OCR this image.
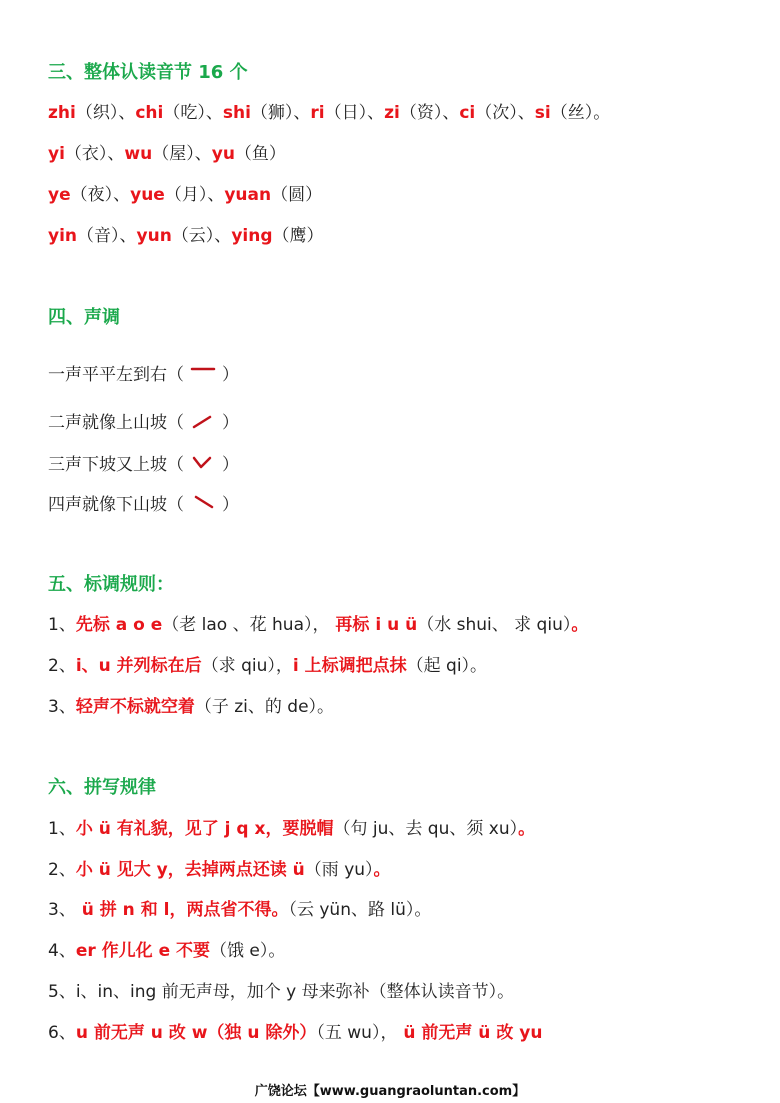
三、整体认读音节 16 个
zhi（织）、chi（吃）、shi（狮）、ri（日）、zi（资）、ci（次）、si（丝）。
yi（衣）、wu（屋）、yu（鱼）
ye（夜）、yue（月）、yuan（圆）
yin（音）、yun（云）、ying（鹰）
四、声调
一声平平左到右（ ）
二声就像上山坡（ ）
三声下坡又上坡（ ）
四声就像下山坡（ ）
五、标调规则：
1、先标 a o e（老 lao 、花 hua）， 再标 i u ü（水 shui、 求 qiu）。
2、i、u 并列标在后（求 qiu），i 上标调把点抹（起 qi）。
3、轻声不标就空着（子 zi、的 de）。
六、拼写规律
1、小 ü 有礼貌，见了 j q x，要脱帽（句 ju、去 qu、须 xu）。
2、小 ü 见大 y，去掉两点还读 ü（雨 yu）。
3、 ü 拼 n 和 l，两点省不得。（云 yün、路 lü）。
4、er 作儿化 e 不要（饿 e）。
5、i、in、ing 前无声母，加个 y 母来弥补（整体认读音节）。
6、u 前无声 u 改 w（独 u 除外）（五 wu）， ü 前无声 ü 改 yu
广饶论坛【www.guangraoluntan.com】
